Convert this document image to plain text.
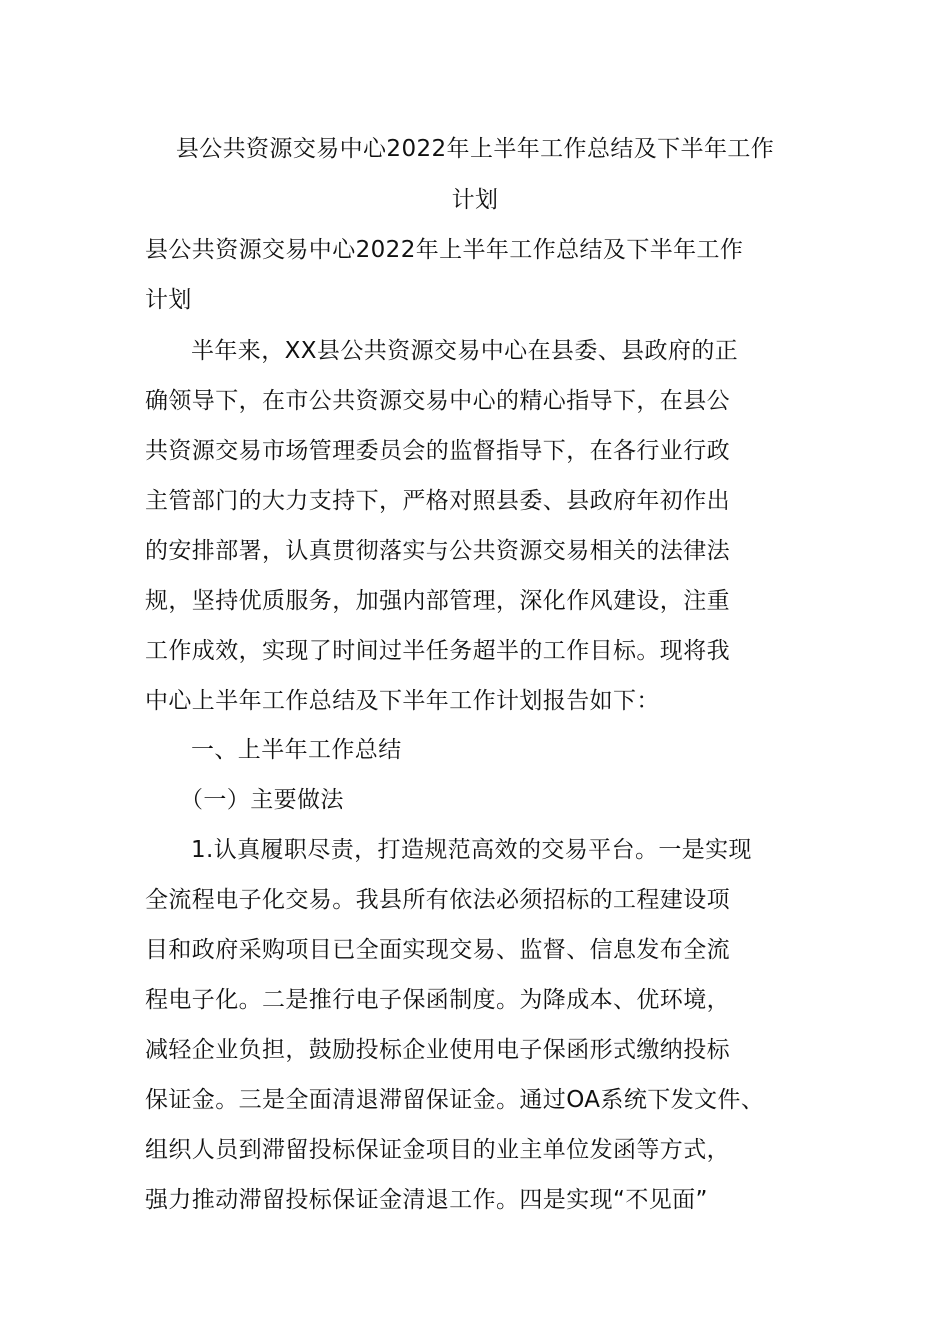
县公共资源交易中心2022年上半年工作总结及下半年工作
计划
县公共资源交易中心2022年上半年工作总结及下半年工作
计划
半年来，XX县公共资源交易中心在县委、县政府的正
确领导下，在市公共资源交易中心的精心指导下，在县公
共资源交易市场管理委员会的监督指导下，在各行业行政
主管部门的大力支持下，严格对照县委、县政府年初作出
的安排部署，认真贯彻落实与公共资源交易相关的法律法
规，坚持优质服务，加强内部管理，深化作风建设，注重
工作成效，实现了时间过半任务超半的工作目标。现将我
中心上半年工作总结及下半年工作计划报告如下：
一、上半年工作总结
（一）主要做法
1.认真履职尽责，打造规范高效的交易平台。一是实现
全流程电子化交易。我县所有依法必须招标的工程建设项
目和政府采购项目已全面实现交易、监督、信息发布全流
程电子化。二是推行电子保函制度。为降成本、优环境，
减轻企业负担，鼓励投标企业使用电子保函形式缴纳投标
保证金。三是全面清退滞留保证金。通过OA系统下发文件、
组织人员到滞留投标保证金项目的业主单位发函等方式，
强力推动滞留投标保证金清退工作。四是实现“不见面”
